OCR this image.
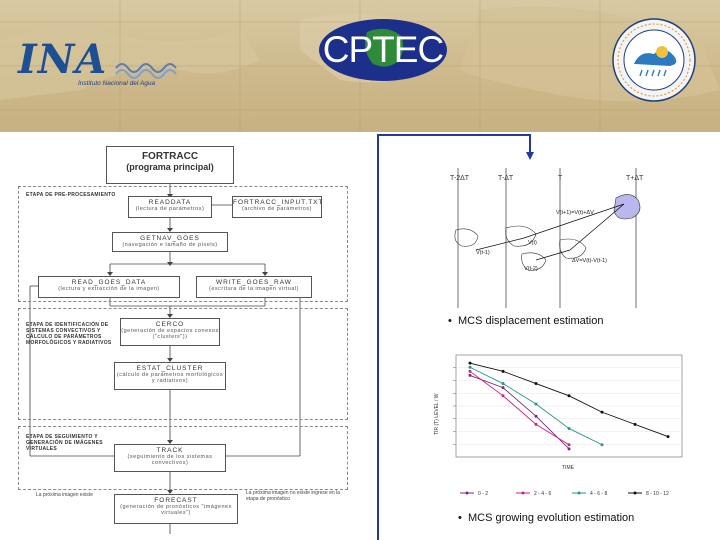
INA
Instituto Nacional del Agua
CPTEC
FORTRACC
(programa principal)
ETAPA DE PRE-PROCESAMIENTO
READDATA
(lectura de parámetros)
FORTRACC_INPUT.TXT
(archivo de parámetros)
GETNAV_GOES
(navegación e tamaño de píxels)
READ_GOES_DATA
(lectura y extracción de la imagen)
WRITE_GOES_RAW
(escritura de la imagen virtual)
ETAPA DE IDENTIFICACIÓN DE SISTEMAS CONVECTIVOS Y CÁLCULO DE PARÁMETROS MORFOLÓGICOS Y RADIATIVOS
CERCO
(generación de espacios conexos ("clusters"))
ESTAT_CLUSTER
(cálculo de parámetros morfológicos y radiativos)
ETAPA DE SEGUIMIENTO Y GENERACIÓN DE IMÁGENES VIRTUALES	TRACK
(seguimiento de los sistemas convectivos)
La próxima imagen existe	La próxima imagen no existe ingrese en la etapa de pronóstico
FORECAST
(generación de pronósticos "imágenes virtuales")
T-2ΔT	T-ΔT	T	T+ΔT
V(t+1)=V(t)+ΔV
V(t)
V(t-1)
V(t-2)
ΔV=V(t)-V(t-1)
•  MCS displacement estimation
TIR (T) LEVEL / W
TIME
0 - 2	2 - 4 - 6	4 - 6 - 8	8 - 10 - 12
•  MCS growing evolution estimation
